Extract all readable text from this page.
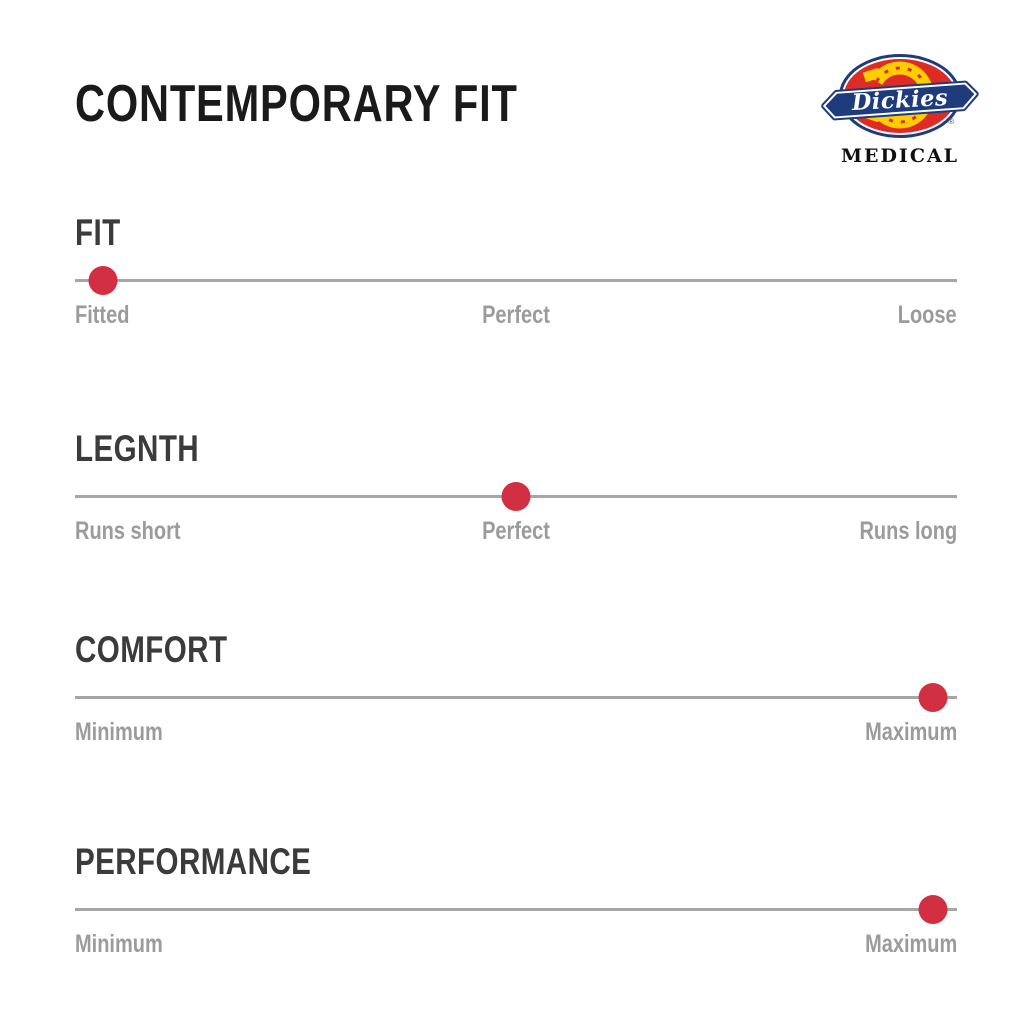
CONTEMPORARY FIT	Dickies
®
MEDICAL
FIT
Fitted	Perfect	Loose
LEGNTH
Runs short	Perfect	Runs long
COMFORT
Minimum	Maximum
PERFORMANCE
Minimum	Maximum
